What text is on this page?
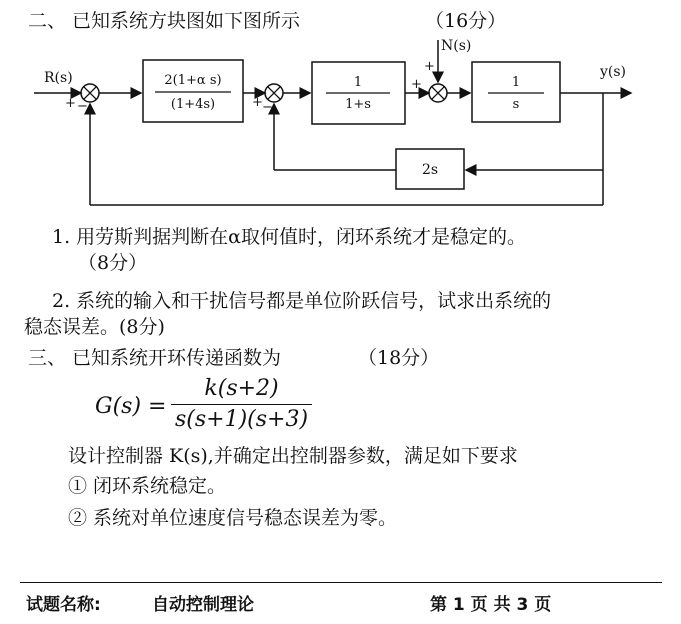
二、 已知系统方块图如下图所示	（16分）
R(s)
+ −
2(1+α s)
(1+4s)	+ −
1
1+s
+
N(s)
+
1
s
y(s)
2s
1. 用劳斯判据判断在α取何值时，闭环系统才是稳定的。
（8分）
2. 系统的输入和干扰信号都是单位阶跃信号，试求出系统的
稳态误差。(8分)
三、 已知系统开环传递函数为	（18分）
G(s) =
k(s+2)
s(s+1)(s+3)
设计控制器 K(s),并确定出控制器参数，满足如下要求
① 闭环系统稳定。
② 系统对单位速度信号稳态误差为零。
试题名称:	自动控制理论	第 1 页 共 3 页
